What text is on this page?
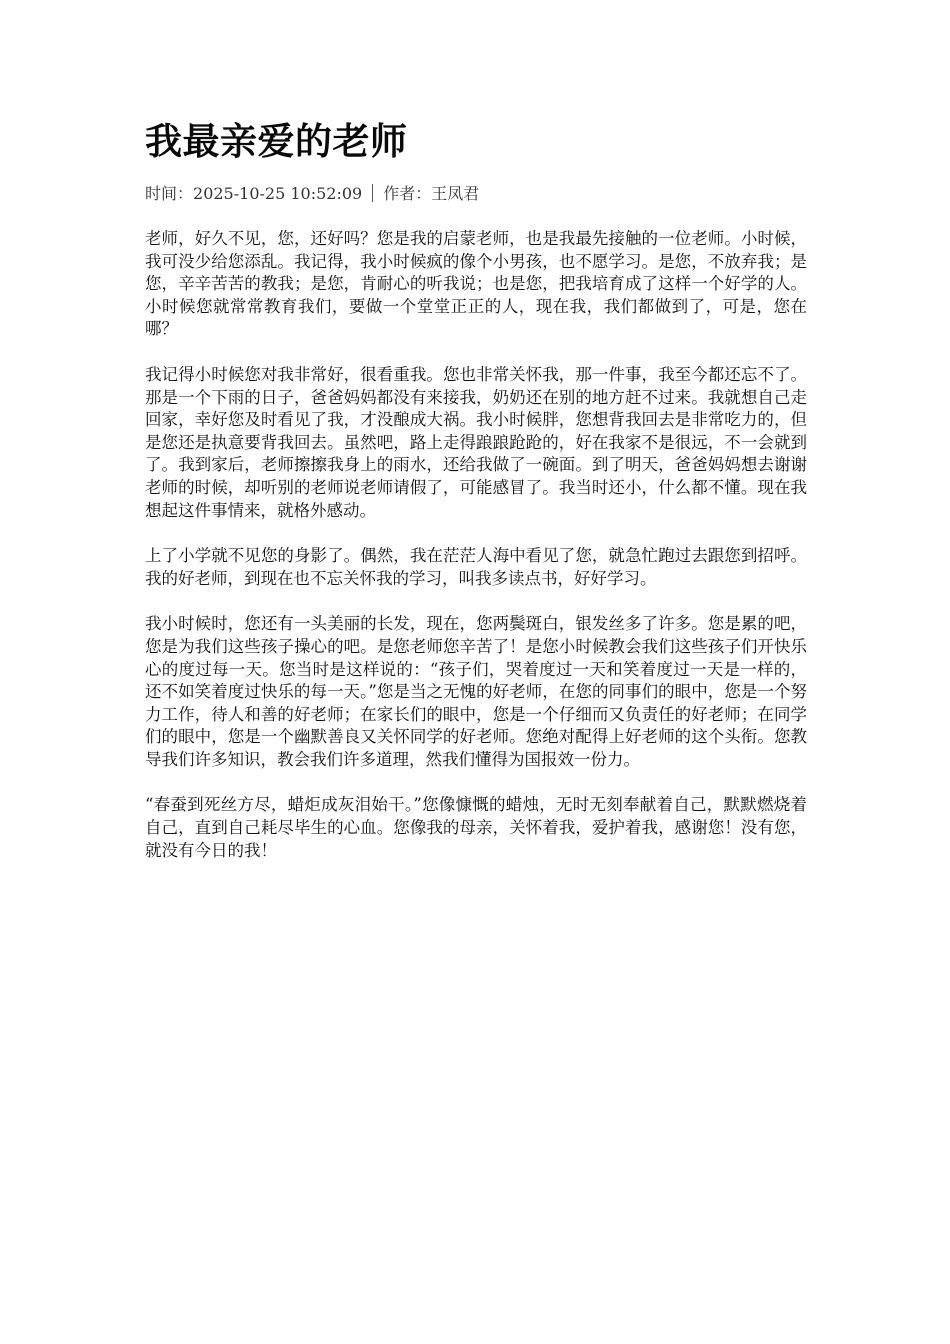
我最亲爱的老师
时间：2025-10-25 10:52:09 作者：王凤君

老师，好久不见，您，还好吗？您是我的启蒙老师，也是我最先接触的一位老师。小时候，我可没少给您添乱。我记得，我小时候疯的像个小男孩，也不愿学习。是您，不放弃我；是您，辛辛苦苦的教我；是您，肯耐心的听我说；也是您，把我培育成了这样一个好学的人。小时候您就常常教育我们，要做一个堂堂正正的人，现在我，我们都做到了，可是，您在哪？

我记得小时候您对我非常好，很看重我。您也非常关怀我，那一件事，我至今都还忘不了。那是一个下雨的日子，爸爸妈妈都没有来接我，奶奶还在别的地方赶不过来。我就想自己走回家，幸好您及时看见了我，才没酿成大祸。我小时候胖，您想背我回去是非常吃力的，但是您还是执意要背我回去。虽然吧，路上走得踉踉跄跄的，好在我家不是很远，不一会就到了。我到家后，老师擦擦我身上的雨水，还给我做了一碗面。到了明天，爸爸妈妈想去谢谢老师的时候，却听别的老师说老师请假了，可能感冒了。我当时还小，什么都不懂。现在我想起这件事情来，就格外感动。

上了小学就不见您的身影了。偶然，我在茫茫人海中看见了您，就急忙跑过去跟您到招呼。我的好老师，到现在也不忘关怀我的学习，叫我多读点书，好好学习。

我小时候时，您还有一头美丽的长发，现在，您两鬓斑白，银发丝多了许多。您是累的吧，您是为我们这些孩子操心的吧。是您老师您辛苦了！是您小时候教会我们这些孩子们开快乐心的度过每一天。您当时是这样说的：“孩子们，哭着度过一天和笑着度过一天是一样的，还不如笑着度过快乐的每一天。”您是当之无愧的好老师，在您的同事们的眼中，您是一个努力工作，待人和善的好老师；在家长们的眼中，您是一个仔细而又负责任的好老师；在同学们的眼中，您是一个幽默善良又关怀同学的好老师。您绝对配得上好老师的这个头衔。您教导我们许多知识，教会我们许多道理，然我们懂得为国报效一份力。

“春蚕到死丝方尽，蜡炬成灰泪始干。”您像慷慨的蜡烛，无时无刻奉献着自己，默默燃烧着自己，直到自己耗尽毕生的心血。您像我的母亲，关怀着我，爱护着我，感谢您！没有您，就没有今日的我！
